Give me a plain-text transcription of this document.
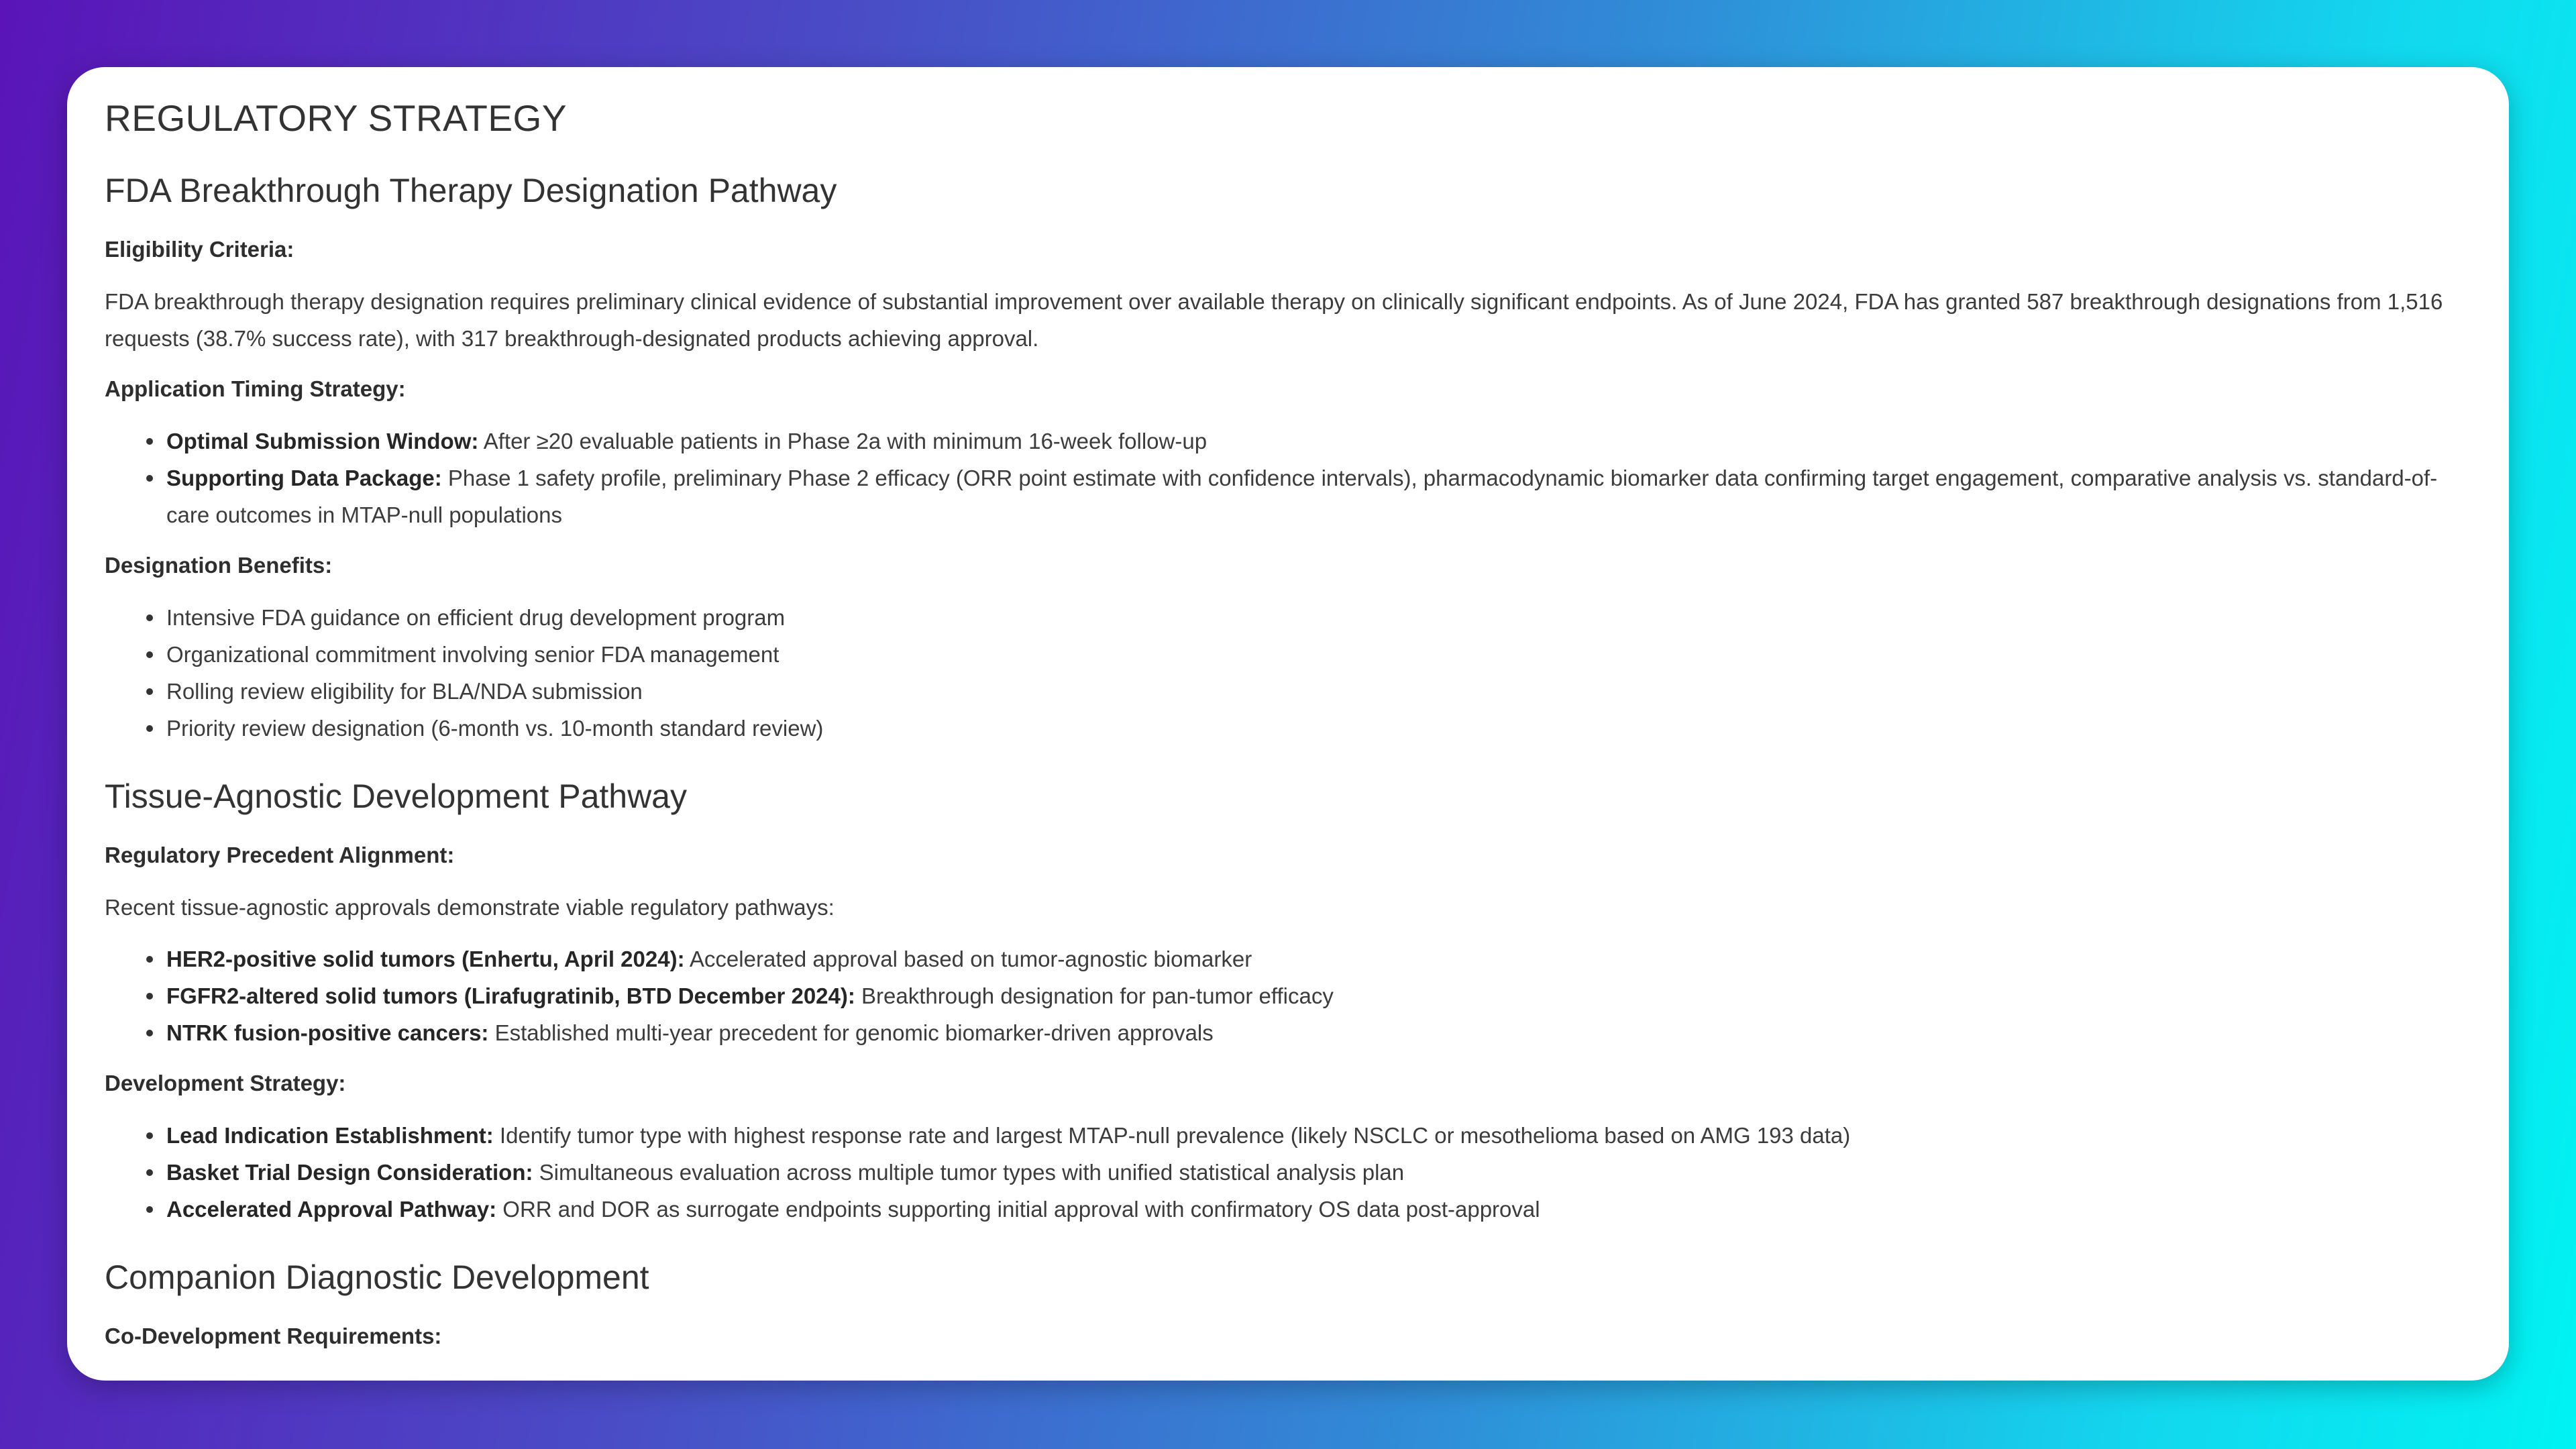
REGULATORY STRATEGY
FDA Breakthrough Therapy Designation Pathway
Eligibility Criteria:

FDA breakthrough therapy designation requires preliminary clinical evidence of substantial improvement over available therapy on clinically significant endpoints. As of June 2024, FDA has granted 587 breakthrough designations from 1,516 requests (38.7% success rate), with 317 breakthrough-designated products achieving approval.

Application Timing Strategy:
Optimal Submission Window: After ≥20 evaluable patients in Phase 2a with minimum 16-week follow-up
Supporting Data Package: Phase 1 safety profile, preliminary Phase 2 efficacy (ORR point estimate with confidence intervals), pharmacodynamic biomarker data confirming target engagement, comparative analysis vs. standard-of-care outcomes in MTAP-null populations
Designation Benefits:
Intensive FDA guidance on efficient drug development program
Organizational commitment involving senior FDA management
Rolling review eligibility for BLA/NDA submission
Priority review designation (6-month vs. 10-month standard review)
Tissue-Agnostic Development Pathway
Regulatory Precedent Alignment:

Recent tissue-agnostic approvals demonstrate viable regulatory pathways:

HER2-positive solid tumors (Enhertu, April 2024): Accelerated approval based on tumor-agnostic biomarker
FGFR2-altered solid tumors (Lirafugratinib, BTD December 2024): Breakthrough designation for pan-tumor efficacy
NTRK fusion-positive cancers: Established multi-year precedent for genomic biomarker-driven approvals
Development Strategy:
Lead Indication Establishment: Identify tumor type with highest response rate and largest MTAP-null prevalence (likely NSCLC or mesothelioma based on AMG 193 data)
Basket Trial Design Consideration: Simultaneous evaluation across multiple tumor types with unified statistical analysis plan
Accelerated Approval Pathway: ORR and DOR as surrogate endpoints supporting initial approval with confirmatory OS data post-approval
Companion Diagnostic Development
Co-Development Requirements:
